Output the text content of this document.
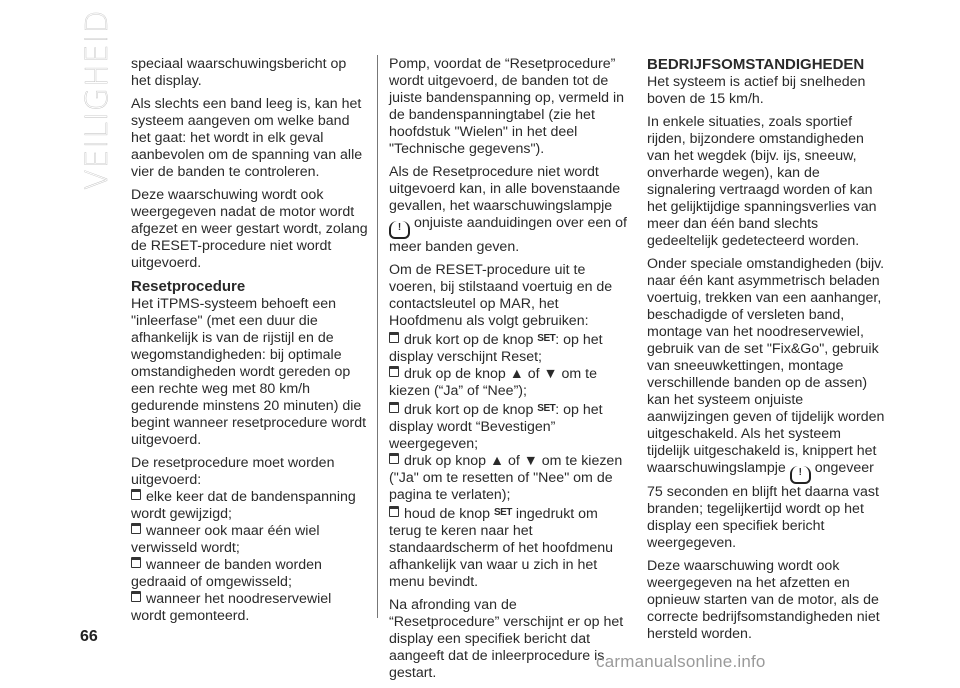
VEILIGHEID speciaal waarschuwingsbericht op het display.

Als slechts een band leeg is, kan het systeem aangeven om welke band het gaat: het wordt in elk geval aanbevolen om de spanning van alle vier de banden te controleren.

Deze waarschuwing wordt ook weergegeven nadat de motor wordt afgezet en weer gestart wordt, zolang de RESET-procedure niet wordt uitgevoerd.

Resetprocedure

Het iTPMS-systeem behoeft een "inleerfase" (met een duur die afhankelijk is van de rijstijl en de wegomstandigheden: bij optimale omstandigheden wordt gereden op een rechte weg met 80 km/h gedurende minstens 20 minuten) die begint wanneer resetprocedure wordt uitgevoerd.

De resetprocedure moet worden uitgevoerd:

elke keer dat de bandenspanning wordt gewijzigd;
wanneer ook maar één wiel verwisseld wordt;
wanneer de banden worden gedraaid of omgewisseld;
wanneer het noodreservewiel wordt gemonteerd.

Pomp, voordat de “Resetprocedure” wordt uitgevoerd, de banden tot de juiste bandenspanning op, vermeld in de bandenspanningtabel (zie het hoofdstuk "Wielen" in het deel "Technische gegevens").

Als de Resetprocedure niet wordt uitgevoerd kan, in alle bovenstaande gevallen, het waarschuwingslampje ! onjuiste aanduidingen over een of meer banden geven.

Om de RESET-procedure uit te voeren, bij stilstaand voertuig en de contactsleutel op MAR, het Hoofdmenu als volgt gebruiken:

druk kort op de knop $^{SET}$: op het display verschijnt Reset;
druk op de knop ▲ of ▼ om te kiezen (“Ja” of “Nee”);
druk kort op de knop $^{SET}$: op het display wordt “Bevestigen” weergegeven;
druk op knop ▲ of ▼ om te kiezen ("Ja" om te resetten of "Nee" om de pagina te verlaten);
houd de knop $^{SET}$ ingedrukt om terug te keren naar het standaardscherm of het hoofdmenu afhankelijk van waar u zich in het menu bevindt.

Na afronding van de “Resetprocedure” verschijnt er op het display een specifiek bericht dat aangeeft dat de inleerprocedure is gestart.

BEDRIJFSOMSTANDIGHEDEN

Het systeem is actief bij snelheden boven de 15 km/h.

In enkele situaties, zoals sportief rijden, bijzondere omstandigheden van het wegdek (bijv. ijs, sneeuw, onverharde wegen), kan de signalering vertraagd worden of kan het gelijktijdige spanningsverlies van meer dan één band slechts gedeeltelijk gedetecteerd worden.

Onder speciale omstandigheden (bijv. naar één kant asymmetrisch beladen voertuig, trekken van een aanhanger, beschadigde of versleten band, montage van het noodreservewiel, gebruik van de set "Fix&Go", gebruik van sneeuwkettingen, montage verschillende banden op de assen) kan het systeem onjuiste aanwijzingen geven of tijdelijk worden uitgeschakeld. Als het systeem tijdelijk uitgeschakeld is, knippert het waarschuwingslampje ! ongeveer 75 seconden en blijft het daarna vast branden; tegelijkertijd wordt op het display een specifiek bericht weergegeven.

Deze waarschuwing wordt ook weergegeven na het afzetten en opnieuw starten van de motor, als de correcte bedrijfsomstandigheden niet hersteld worden.

66
carmanualsonline.info
